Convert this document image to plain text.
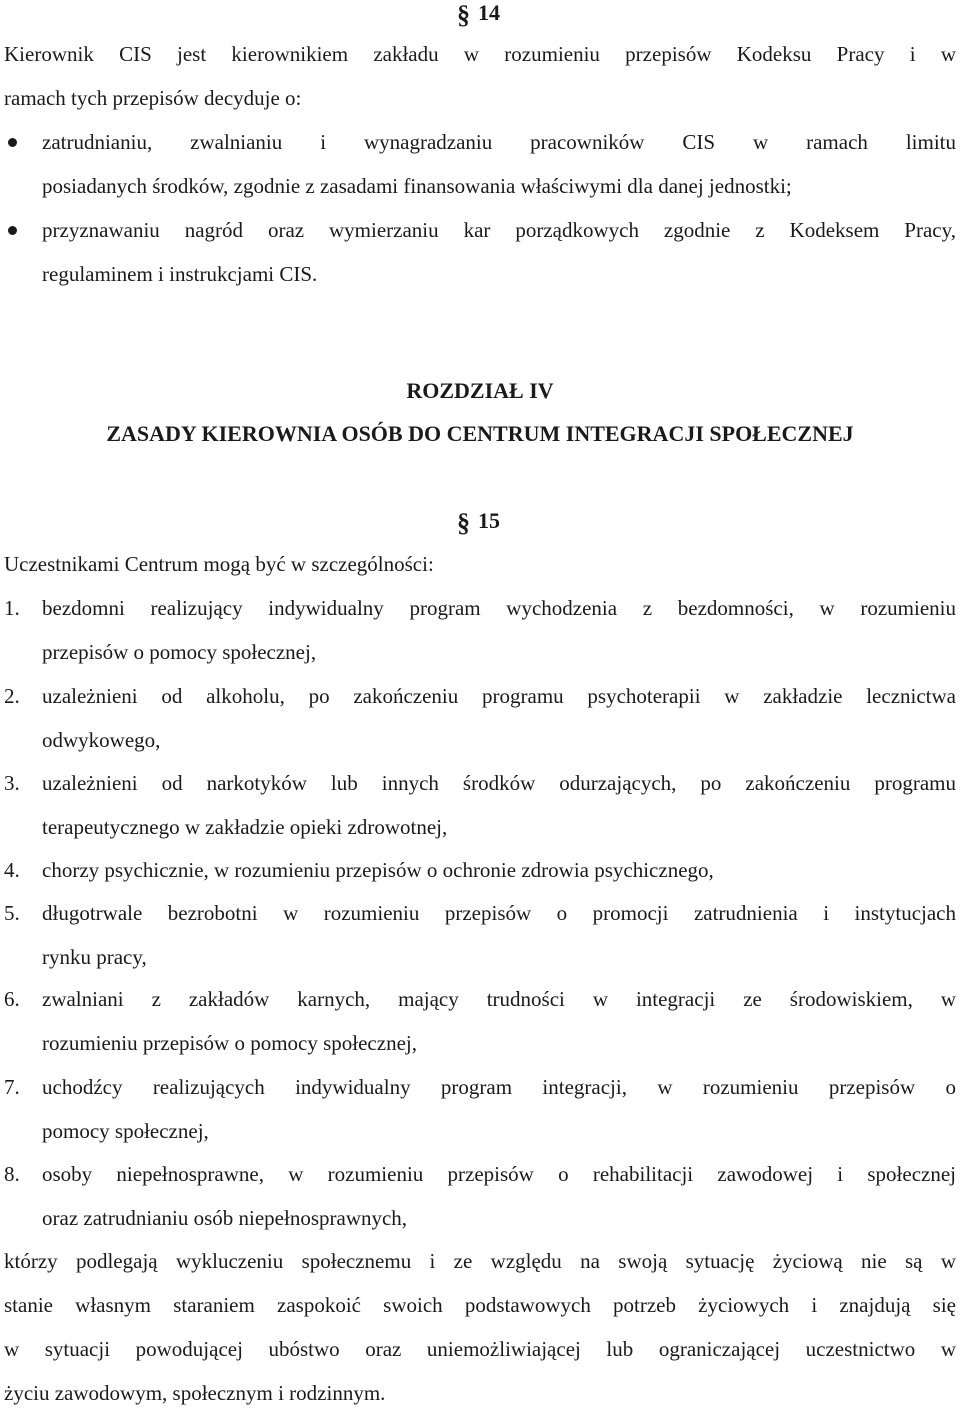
§ 14
Kierownik CIS jest kierownikiem zakładu w rozumieniu przepisów Kodeksu Pracy i w
ramach tych przepisów decyduje o:
zatrudnianiu, zwalnianiu i wynagradzaniu pracowników CIS w ramach limitu
posiadanych środków, zgodnie z zasadami finansowania właściwymi dla danej jednostki;
przyznawaniu nagród oraz wymierzaniu kar porządkowych zgodnie z Kodeksem Pracy,
regulaminem i instrukcjami CIS.
ROZDZIAŁ IV
ZASADY KIEROWNIA OSÓB DO CENTRUM INTEGRACJI SPOŁECZNEJ
§ 15
Uczestnikami Centrum mogą być w szczególności:
1.	bezdomni realizujący indywidualny program wychodzenia z bezdomności, w rozumieniu
przepisów o pomocy społecznej,
2.	uzależnieni od alkoholu, po zakończeniu programu psychoterapii w zakładzie lecznictwa
odwykowego,
3.	uzależnieni od narkotyków lub innych środków odurzających, po zakończeniu programu
terapeutycznego w zakładzie opieki zdrowotnej,
4.	chorzy psychicznie, w rozumieniu przepisów o ochronie zdrowia psychicznego,
5.	długotrwale bezrobotni w rozumieniu przepisów o promocji zatrudnienia i instytucjach
rynku pracy,
6.	zwalniani z zakładów karnych, mający trudności w integracji ze środowiskiem, w
rozumieniu przepisów o pomocy społecznej,
7.	uchodźcy realizujących indywidualny program integracji, w rozumieniu przepisów o
pomocy społecznej,
8.	osoby niepełnosprawne, w rozumieniu przepisów o rehabilitacji zawodowej i społecznej
oraz zatrudnianiu osób niepełnosprawnych,
którzy podlegają wykluczeniu społecznemu i ze względu na swoją sytuację życiową nie są w
stanie własnym staraniem zaspokoić swoich podstawowych potrzeb życiowych i znajdują się
w sytuacji powodującej ubóstwo oraz uniemożliwiającej lub ograniczającej uczestnictwo w
życiu zawodowym, społecznym i rodzinnym.
